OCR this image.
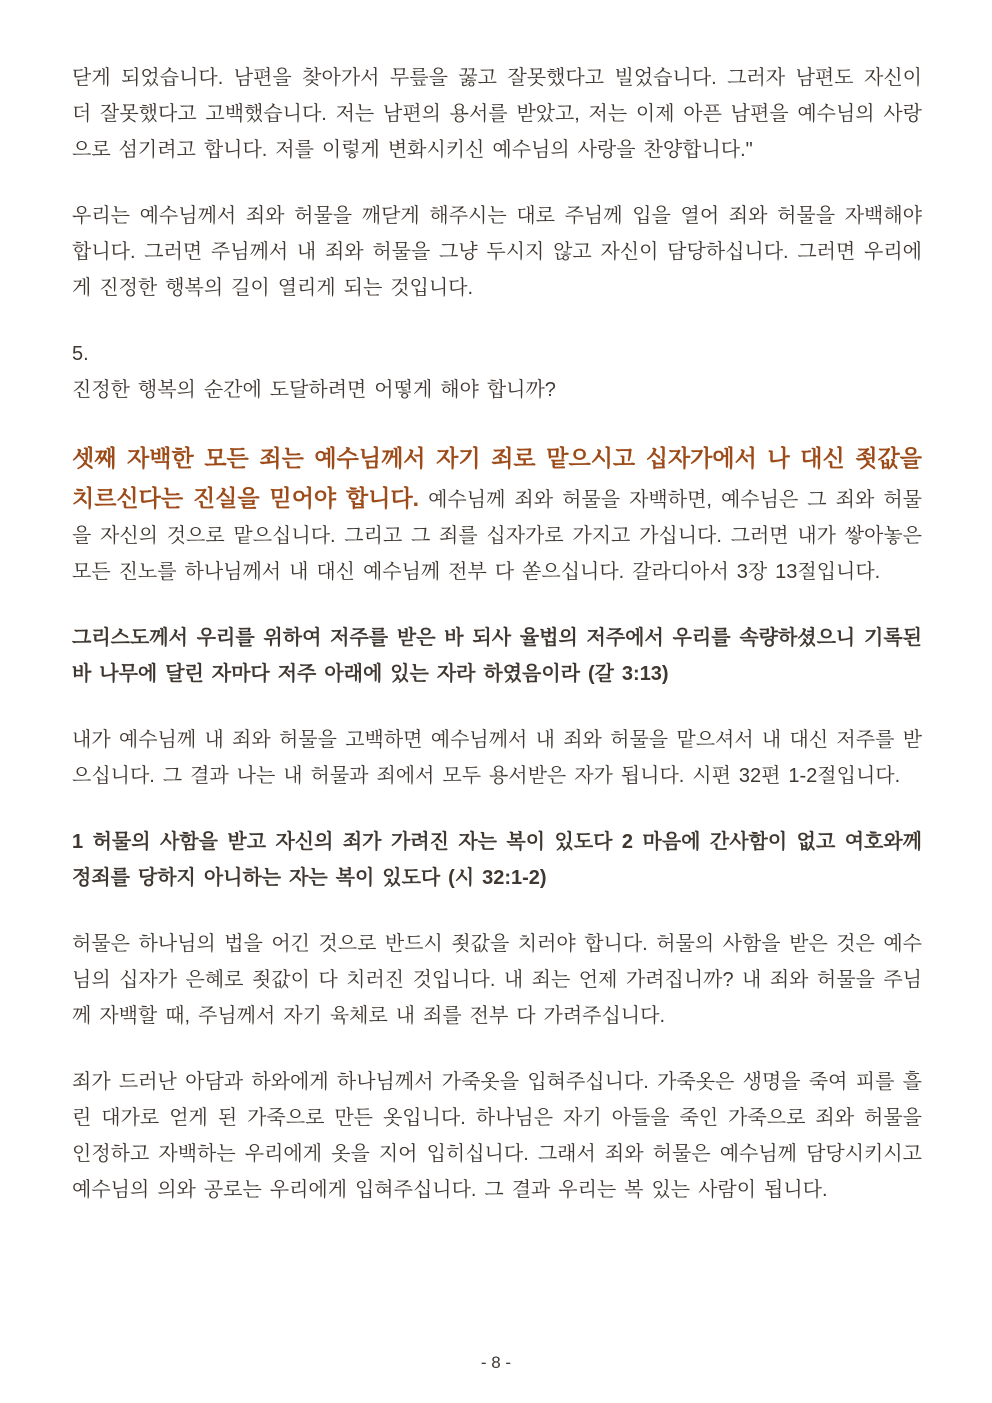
닫게 되었습니다. 남편을 찾아가서 무릎을 꿇고 잘못했다고 빌었습니다. 그러자 남편도 자신이 더 잘못했다고 고백했습니다. 저는 남편의 용서를 받았고, 저는 이제 아픈 남편을 예수님의 사랑으로 섬기려고 합니다. 저를 이렇게 변화시키신 예수님의 사랑을 찬양합니다."

우리는 예수님께서 죄와 허물을 깨닫게 해주시는 대로 주님께 입을 열어 죄와 허물을 자백해야 합니다. 그러면 주님께서 내 죄와 허물을 그냥 두시지 않고 자신이 담당하십니다. 그러면 우리에게 진정한 행복의 길이 열리게 되는 것입니다.

5.
진정한 행복의 순간에 도달하려면 어떻게 해야 합니까?

셋째 자백한 모든 죄는 예수님께서 자기 죄로 맡으시고 십자가에서 나 대신 죗값을 치르신다는 진실을 믿어야 합니다. 예수님께 죄와 허물을 자백하면, 예수님은 그 죄와 허물을 자신의 것으로 맡으십니다. 그리고 그 죄를 십자가로 가지고 가십니다. 그러면 내가 쌓아놓은 모든 진노를 하나님께서 내 대신 예수님께 전부 다 쏟으십니다. 갈라디아서 3장 13절입니다.

그리스도께서 우리를 위하여 저주를 받은 바 되사 율법의 저주에서 우리를 속량하셨으니 기록된 바 나무에 달린 자마다 저주 아래에 있는 자라 하였음이라 (갈 3:13)

내가 예수님께 내 죄와 허물을 고백하면 예수님께서 내 죄와 허물을 맡으셔서 내 대신 저주를 받으십니다. 그 결과 나는 내 허물과 죄에서 모두 용서받은 자가 됩니다. 시편 32편 1-2절입니다.

1 허물의 사함을 받고 자신의 죄가 가려진 자는 복이 있도다 2 마음에 간사함이 없고 여호와께 정죄를 당하지 아니하는 자는 복이 있도다 (시 32:1-2)

허물은 하나님의 법을 어긴 것으로 반드시 죗값을 치러야 합니다. 허물의 사함을 받은 것은 예수님의 십자가 은혜로 죗값이 다 치러진 것입니다. 내 죄는 언제 가려집니까? 내 죄와 허물을 주님께 자백할 때, 주님께서 자기 육체로 내 죄를 전부 다 가려주십니다.

죄가 드러난 아담과 하와에게 하나님께서 가죽옷을 입혀주십니다. 가죽옷은 생명을 죽여 피를 흘린 대가로 얻게 된 가죽으로 만든 옷입니다. 하나님은 자기 아들을 죽인 가죽으로 죄와 허물을 인정하고 자백하는 우리에게 옷을 지어 입히십니다. 그래서 죄와 허물은 예수님께 담당시키시고 예수님의 의와 공로는 우리에게 입혀주십니다. 그 결과 우리는 복 있는 사람이 됩니다.

- 8 -
